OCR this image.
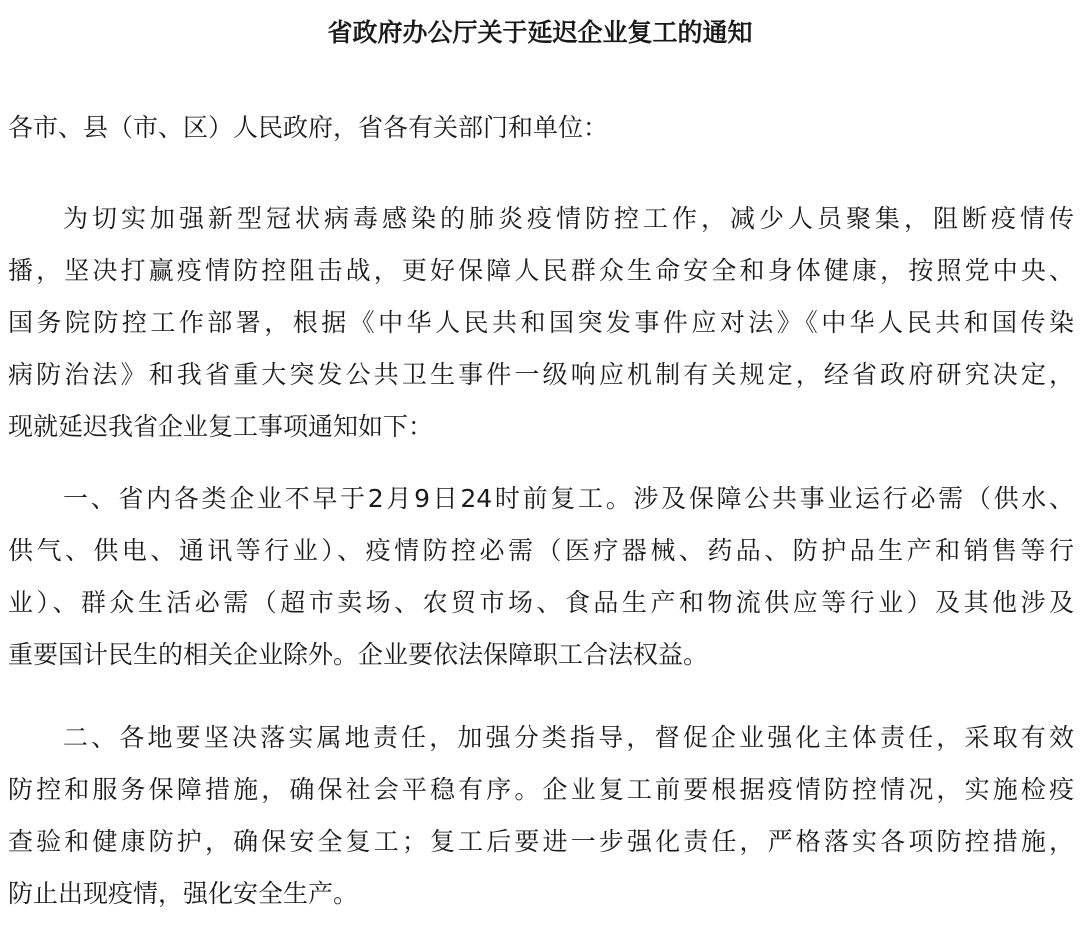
省政府办公厅关于延迟企业复工的通知
各市、县（市、区）人民政府，省各有关部门和单位：
为切实加强新型冠状病毒感染的肺炎疫情防控工作，减少人员聚集，阻断疫情传
播，坚决打赢疫情防控阻击战，更好保障人民群众生命安全和身体健康，按照党中央、
国务院防控工作部署，根据《中华人民共和国突发事件应对法》《中华人民共和国传染
病防治法》和我省重大突发公共卫生事件一级响应机制有关规定，经省政府研究决定，
现就延迟我省企业复工事项通知如下：
一、省内各类企业不早于2月9日24时前复工。涉及保障公共事业运行必需（供水、
供气、供电、通讯等行业）、疫情防控必需（医疗器械、药品、防护品生产和销售等行
业）、群众生活必需（超市卖场、农贸市场、食品生产和物流供应等行业）及其他涉及
重要国计民生的相关企业除外。企业要依法保障职工合法权益。
二、各地要坚决落实属地责任，加强分类指导，督促企业强化主体责任，采取有效
防控和服务保障措施，确保社会平稳有序。企业复工前要根据疫情防控情况，实施检疫
查验和健康防护，确保安全复工；复工后要进一步强化责任，严格落实各项防控措施，
防止出现疫情，强化安全生产。
